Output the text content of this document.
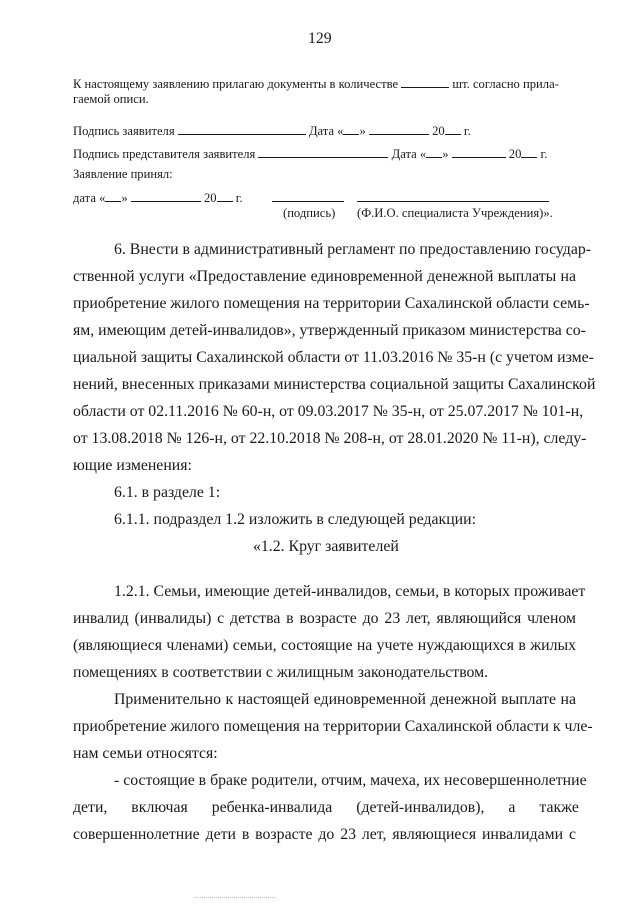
129
К настоящему заявлению прилагаю документы в количестве	шт. согласно прила-
гаемой описи.
Подпись заявителя	Дата « »	20 г.
Подпись представителя заявителя	Дата « »	20 г.
Заявление принял:
дата « »	20 г.
(подпись) (Ф.И.О. специалиста Учреждения)».
6. Внести в административный регламент по предоставлению государ-
ственной услуги «Предоставление единовременной денежной выплаты на
приобретение жилого помещения на территории Сахалинской области семь-
ям, имеющим детей-инвалидов», утвержденный приказом министерства со-
циальной защиты Сахалинской области от 11.03.2016 № 35-н (с учетом изме-
нений, внесенных приказами министерства социальной защиты Сахалинской
области от 02.11.2016 № 60-н, от 09.03.2017 № 35-н, от 25.07.2017 № 101-н,
от 13.08.2018 № 126-н, от 22.10.2018 № 208-н, от 28.01.2020 № 11-н), следу-
ющие изменения:
6.1. в разделе 1:
6.1.1. подраздел 1.2 изложить в следующей редакции:
«1.2. Круг заявителей
1.2.1. Семьи, имеющие детей-инвалидов, семьи, в которых проживает
инвалид (инвалиды) с детства в возрасте до 23 лет, являющийся членом
(являющиеся членами) семьи, состоящие на учете нуждающихся в жилых
помещениях в соответствии с жилищным законодательством.
Применительно к настоящей единовременной денежной выплате на
приобретение жилого помещения на территории Сахалинской области к чле-
нам семьи относятся:
- состоящие в браке родители, отчим, мачеха, их несовершеннолетние
дети, включая ребенка-инвалида (детей-инвалидов), а также
совершеннолетние дети в возрасте до 23 лет, являющиеся инвалидами с
